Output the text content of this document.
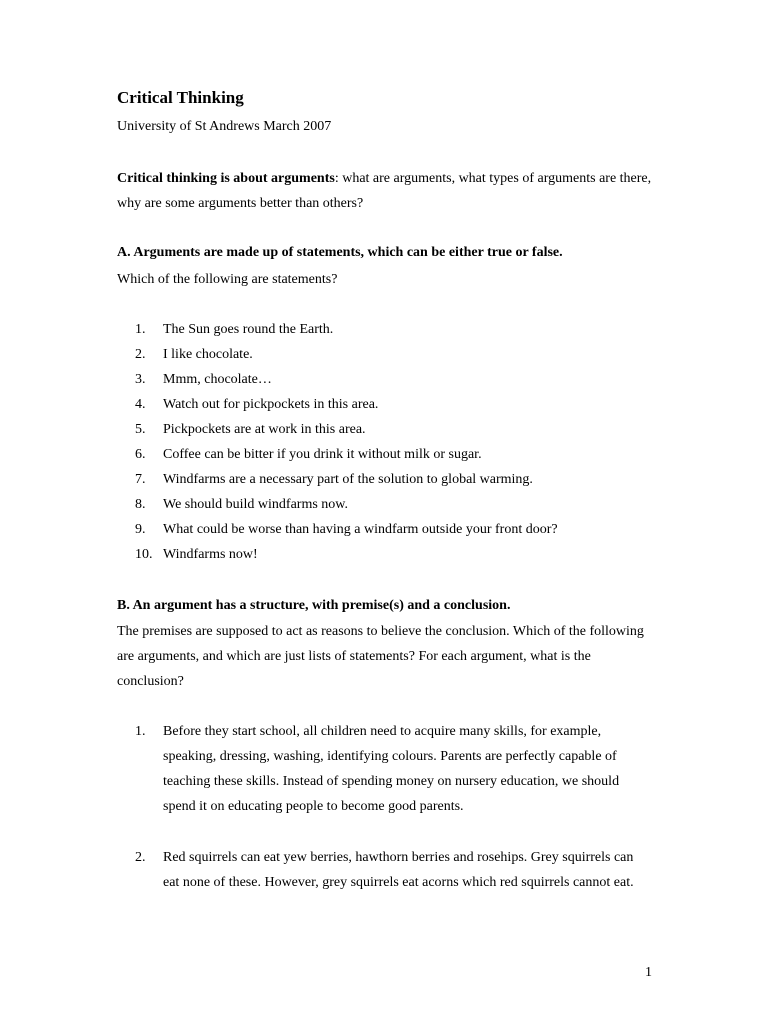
Critical Thinking

University of St Andrews March 2007

Critical thinking is about arguments: what are arguments, what types of arguments are there, why are some arguments better than others?

A. Arguments are made up of statements, which can be either true or false.

Which of the following are statements?

1.	The Sun goes round the Earth.
2.	I like chocolate.
3.	Mmm, chocolate…
4.	Watch out for pickpockets in this area.
5.	Pickpockets are at work in this area.
6.	Coffee can be bitter if you drink it without milk or sugar.
7.	Windfarms are a necessary part of the solution to global warming.
8.	We should build windfarms now.
9.	What could be worse than having a windfarm outside your front door?
10. Windfarms now!
B. An argument has a structure, with premise(s) and a conclusion.

The premises are supposed to act as reasons to believe the conclusion. Which of the following are arguments, and which are just lists of statements? For each argument, what is the conclusion?

1.	Before they start school, all children need to acquire many skills, for example, speaking, dressing, washing, identifying colours. Parents are perfectly capable of teaching these skills. Instead of spending money on nursery education, we should spend it on educating people to become good parents.
2.	Red squirrels can eat yew berries, hawthorn berries and rosehips. Grey squirrels can eat none of these. However, grey squirrels eat acorns which red squirrels cannot eat.
1
